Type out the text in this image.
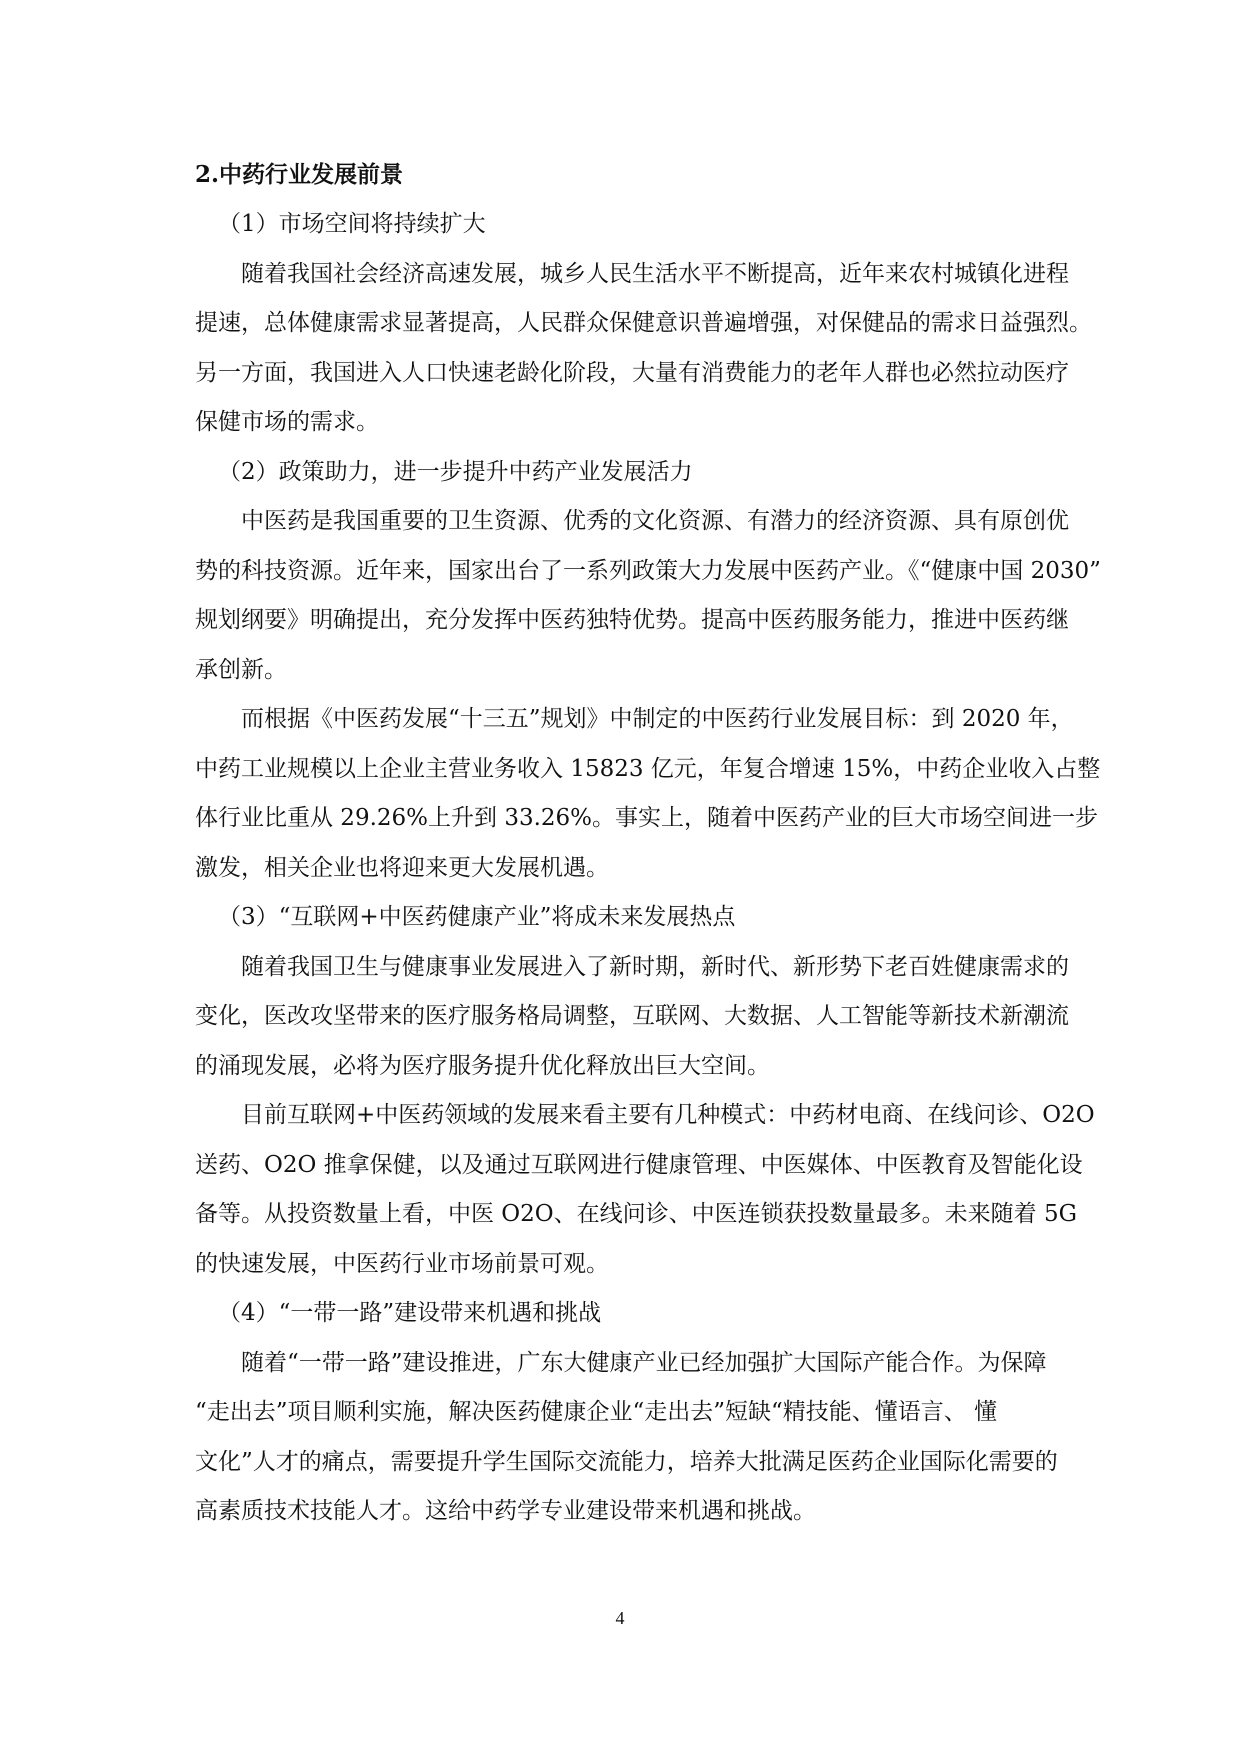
2.中药行业发展前景

（1）市场空间将持续扩大

随着我国社会经济高速发展，城乡人民生活水平不断提高，近年来农村城镇化进程
提速，总体健康需求显著提高，人民群众保健意识普遍增强，对保健品的需求日益强烈。
另一方面，我国进入人口快速老龄化阶段，大量有消费能力的老年人群也必然拉动医疗
保健市场的需求。

（2）政策助力，进一步提升中药产业发展活力

中医药是我国重要的卫生资源、优秀的文化资源、有潜力的经济资源、具有原创优
势的科技资源。近年来，国家出台了一系列政策大力发展中医药产业。《“健康中国 2030”
规划纲要》明确提出，充分发挥中医药独特优势。提高中医药服务能力，推进中医药继
承创新。
而根据《中医药发展“十三五”规划》中制定的中医药行业发展目标：到 2020 年，
中药工业规模以上企业主营业务收入 15823 亿元，年复合增速 15%，中药企业收入占整
体行业比重从 29.26%上升到 33.26%。事实上，随着中医药产业的巨大市场空间进一步
激发，相关企业也将迎来更大发展机遇。

（3）“互联网+中医药健康产业”将成未来发展热点

随着我国卫生与健康事业发展进入了新时期，新时代、新形势下老百姓健康需求的
变化，医改攻坚带来的医疗服务格局调整，互联网、大数据、人工智能等新技术新潮流
的涌现发展，必将为医疗服务提升优化释放出巨大空间。
目前互联网+中医药领域的发展来看主要有几种模式：中药材电商、在线问诊、O2O
送药、O2O 推拿保健，以及通过互联网进行健康管理、中医媒体、中医教育及智能化设
备等。从投资数量上看，中医 O2O、在线问诊、中医连锁获投数量最多。未来随着 5G
的快速发展，中医药行业市场前景可观。

（4）“一带一路”建设带来机遇和挑战

随着“一带一路”建设推进，广东大健康产业已经加强扩大国际产能合作。为保障
“走出去”项目顺利实施，解决医药健康企业“走出去”短缺“精技能、懂语言、 懂
文化”人才的痛点，需要提升学生国际交流能力，培养大批满足医药企业国际化需要的
高素质技术技能人才。这给中药学专业建设带来机遇和挑战。
4
